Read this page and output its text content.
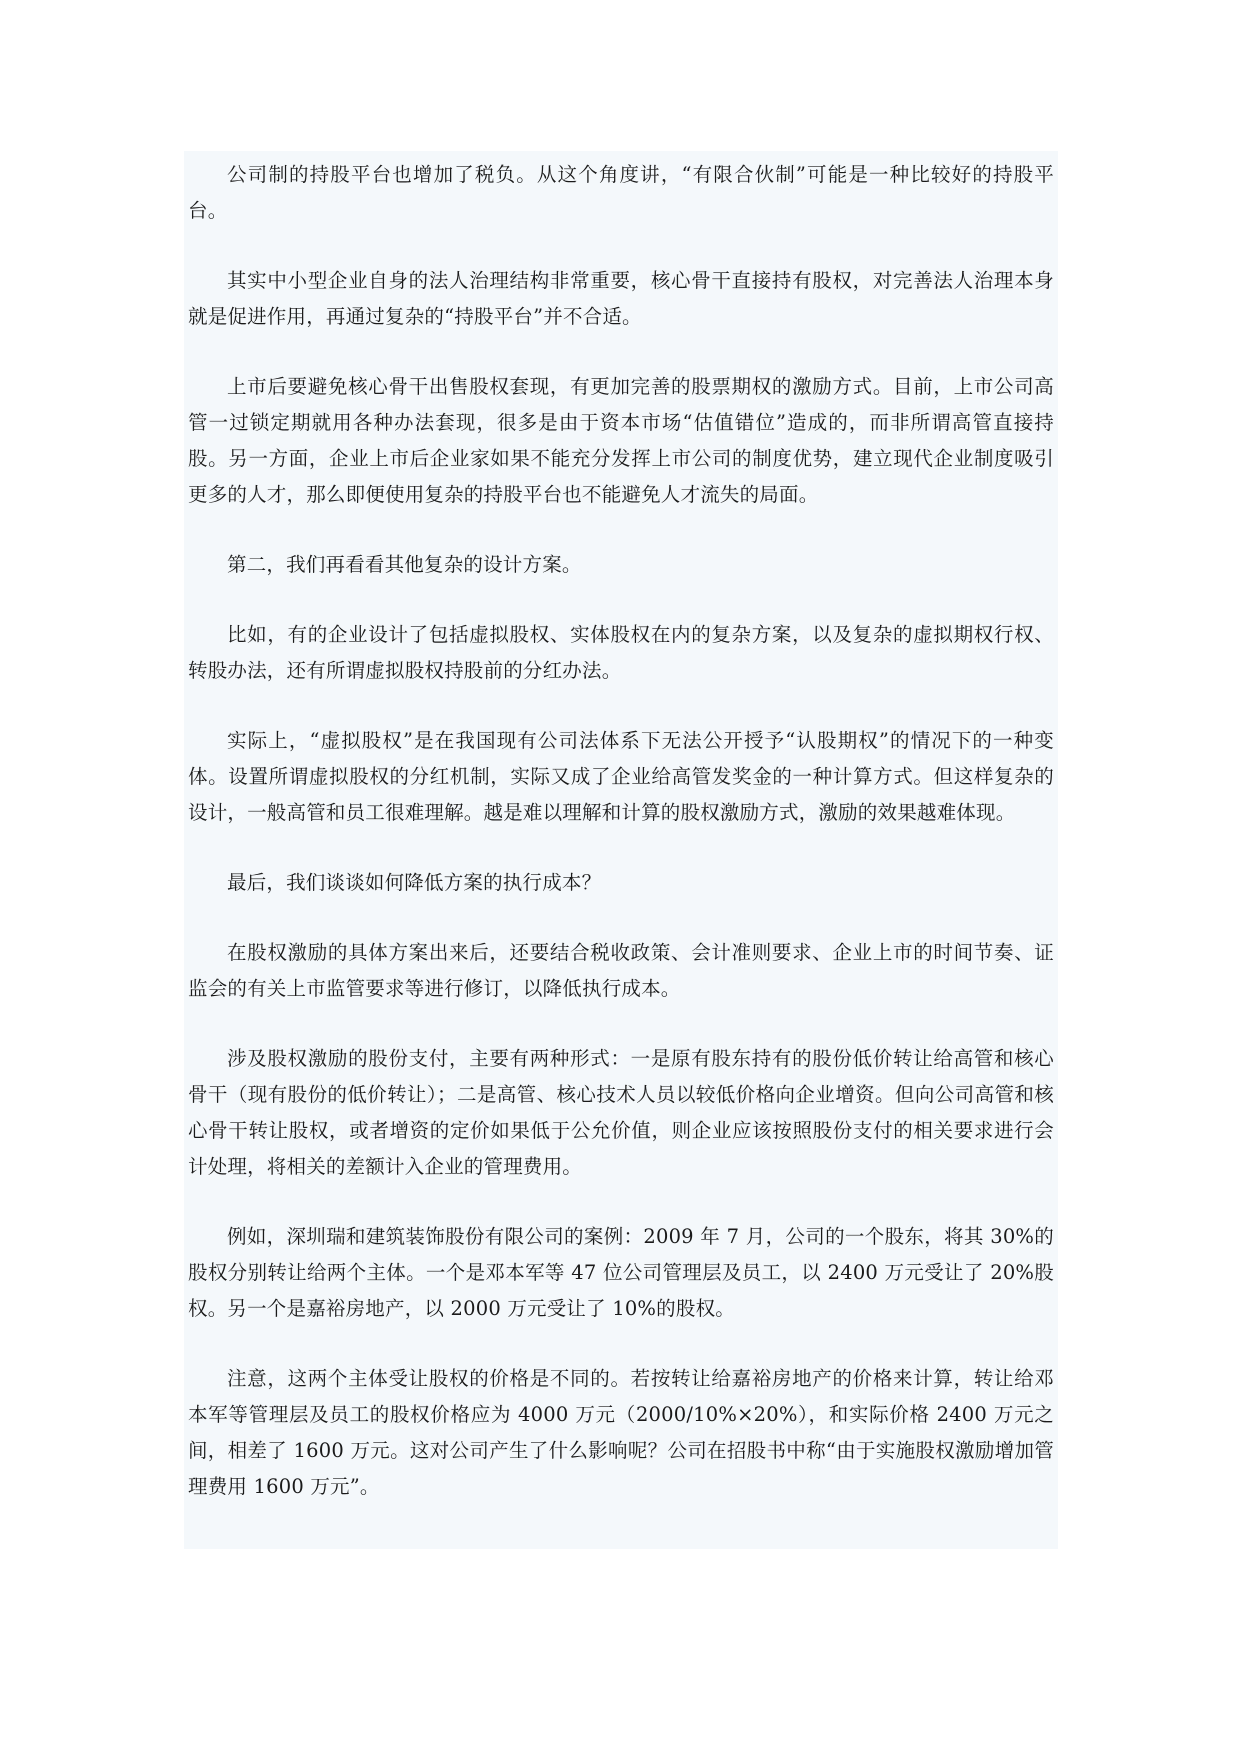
公司制的持股平台也增加了税负。从这个角度讲，“有限合伙制”可能是一种比较好的持股平台。

其实中小型企业自身的法人治理结构非常重要，核心骨干直接持有股权，对完善法人治理本身就是促进作用，再通过复杂的“持股平台”并不合适。

上市后要避免核心骨干出售股权套现，有更加完善的股票期权的激励方式。目前，上市公司高管一过锁定期就用各种办法套现，很多是由于资本市场“估值错位”造成的，而非所谓高管直接持股。另一方面，企业上市后企业家如果不能充分发挥上市公司的制度优势，建立现代企业制度吸引更多的人才，那么即便使用复杂的持股平台也不能避免人才流失的局面。

第二，我们再看看其他复杂的设计方案。

比如，有的企业设计了包括虚拟股权、实体股权在内的复杂方案，以及复杂的虚拟期权行权、转股办法，还有所谓虚拟股权持股前的分红办法。

实际上，“虚拟股权”是在我国现有公司法体系下无法公开授予“认股期权”的情况下的一种变体。设置所谓虚拟股权的分红机制，实际又成了企业给高管发奖金的一种计算方式。但这样复杂的设计，一般高管和员工很难理解。越是难以理解和计算的股权激励方式，激励的效果越难体现。

最后，我们谈谈如何降低方案的执行成本？

在股权激励的具体方案出来后，还要结合税收政策、会计准则要求、企业上市的时间节奏、证监会的有关上市监管要求等进行修订，以降低执行成本。

涉及股权激励的股份支付，主要有两种形式：一是原有股东持有的股份低价转让给高管和核心骨干（现有股份的低价转让）；二是高管、核心技术人员以较低价格向企业增资。但向公司高管和核心骨干转让股权，或者增资的定价如果低于公允价值，则企业应该按照股份支付的相关要求进行会计处理，将相关的差额计入企业的管理费用。

例如，深圳瑞和建筑装饰股份有限公司的案例：2009 年 7 月，公司的一个股东，将其 30%的股权分别转让给两个主体。一个是邓本军等 47 位公司管理层及员工，以 2400 万元受让了 20%股权。另一个是嘉裕房地产，以 2000 万元受让了 10%的股权。

注意，这两个主体受让股权的价格是不同的。若按转让给嘉裕房地产的价格来计算，转让给邓本军等管理层及员工的股权价格应为 4000 万元（2000/10%×20%），和实际价格 2400 万元之间，相差了 1600 万元。这对公司产生了什么影响呢？公司在招股书中称“由于实施股权激励增加管理费用 1600 万元”。
